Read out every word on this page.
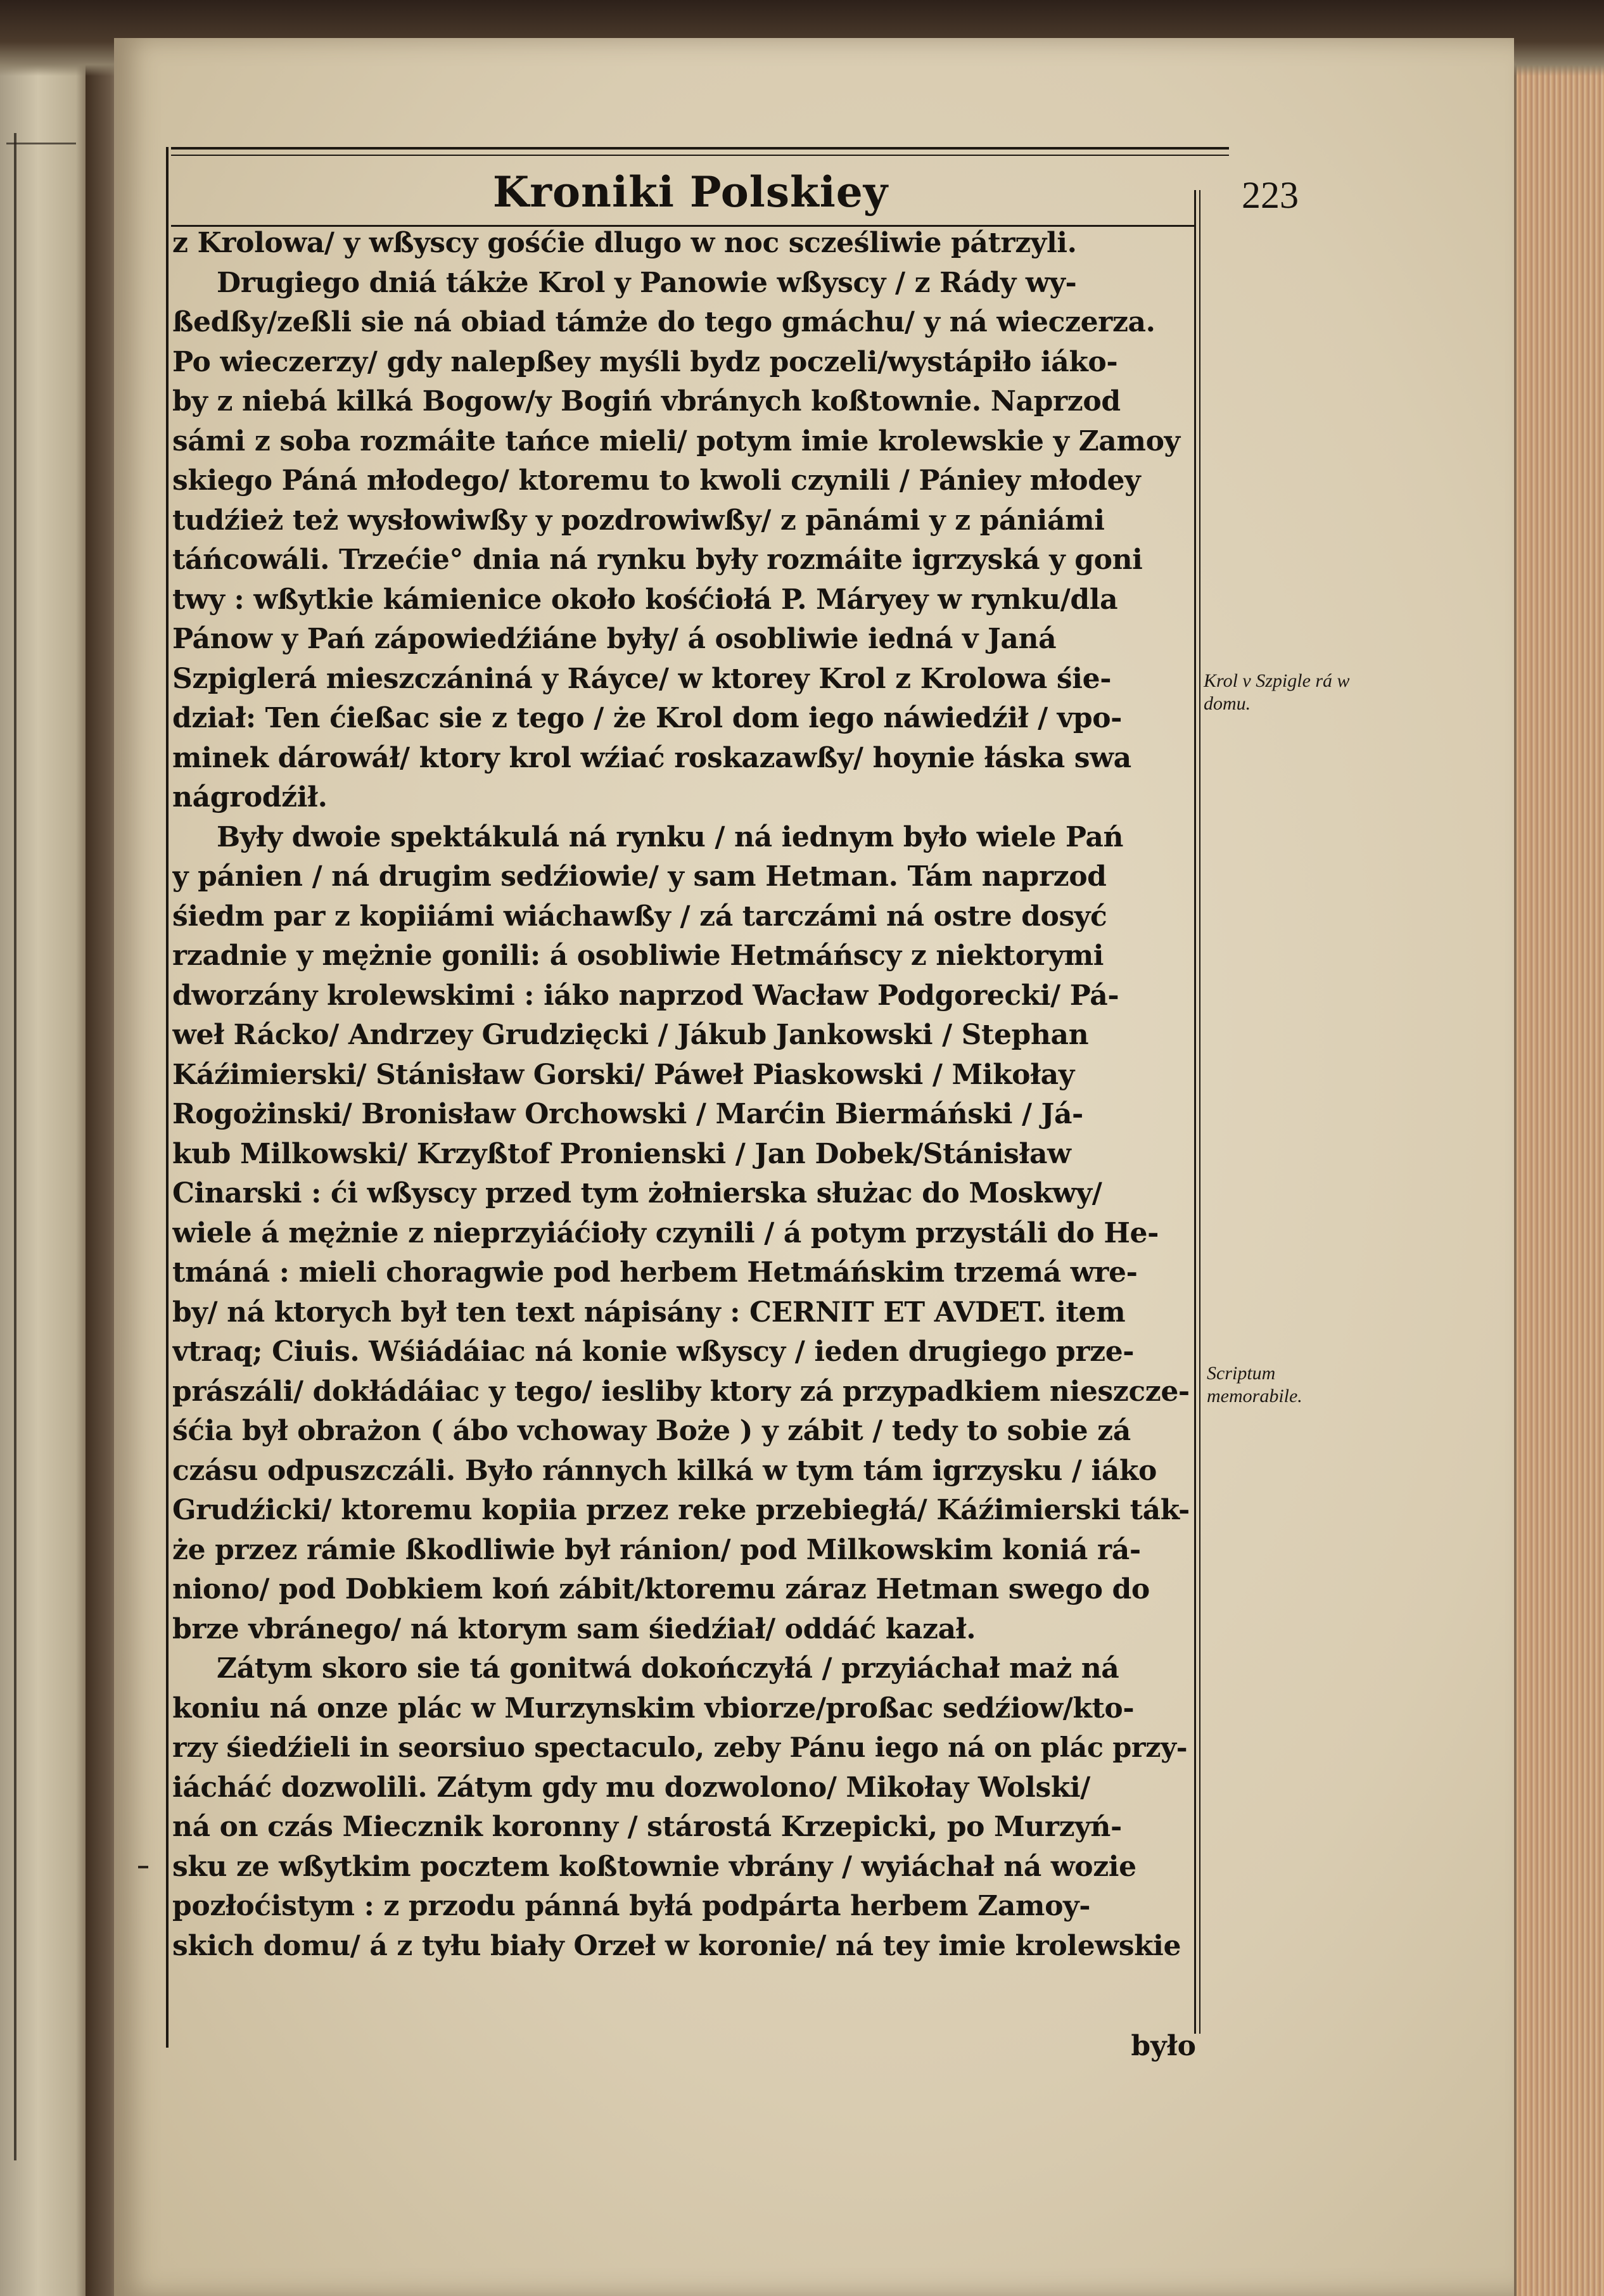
Kroniki Polskiey	223
z Krolowa/ y wßyscy gośćie dlugo w noc scześliwie pátrzyli.
Drugiego dniá tákże Krol y Panowie wßyscy / z Rády wy-
ßedßy/zeßli sie ná obiad támże do tego gmáchu/ y ná wieczerza.
Po wieczerzy/ gdy nalepßey myśli bydz poczeli/wystápiło iáko-
by z niebá kilká Bogow/y Bogiń vbránych koßtownie. Naprzod
sámi z soba rozmáite tańce mieli/ potym imie krolewskie y Zamoy
skiego Páná młodego/ ktoremu to kwoli czynili / Pániey młodey
tudźież też wysłowiwßy y pozdrowiwßy/ z pānámi y z pániámi
táńcowáli. Trzećie° dnia ná rynku były rozmáite igrzyská y goni
twy : wßytkie kámienice około kośćiołá P. Máryey w rynku/dla
Pánow y Pań zápowiedźiáne były/ á osobliwie iedná v Janá
Szpiglerá mieszczániná y Ráyce/ w ktorey Krol z Krolowa śie-
dział: Ten ćießac sie z tego / że Krol dom iego náwiedźił / vpo-
minek dárowáł/ ktory krol wźiać roskazawßy/ hoynie łáska swa
nágrodźił.
Były dwoie spektákulá ná rynku / ná iednym było wiele Pań
y pánien / ná drugim sedźiowie/ y sam Hetman. Tám naprzod
śiedm par z kopiiámi wiáchawßy / zá tarczámi ná ostre dosyć
rzadnie y mężnie gonili: á osobliwie Hetmáńscy z niektorymi
dworzány krolewskimi : iáko naprzod Wacław Podgorecki/ Pá-
weł Rácko/ Andrzey Grudzięcki / Jákub Jankowski / Stephan
Káźimierski/ Stánisław Gorski/ Páweł Piaskowski / Mikołay
Rogożinski/ Bronisław Orchowski / Marćin Biermáński / Já-
kub Milkowski/ Krzyßtof Pronienski / Jan Dobek/Stánisław
Cinarski : ći wßyscy przed tym żołnierska służac do Moskwy/
wiele á mężnie z nieprzyiáćioły czynili / á potym przystáli do He-
tmáná : mieli choragwie pod herbem Hetmáńskim trzemá wre-
by/ ná ktorych był ten text nápisány : CERNIT ET AVDET. item
vtraq; Ciuis. Wśiádáiac ná konie wßyscy / ieden drugiego prze-
prászáli/ dokłádáiac y tego/ iesliby ktory zá przypadkiem nieszcze-
śćia był obrażon ( ábo vchoway Boże ) y zábit / tedy to sobie zá
czásu odpuszczáli. Było ránnych kilká w tym tám igrzysku / iáko
Grudźicki/ ktoremu kopiia przez reke przebiegłá/ Káźimierski ták-
że przez rámie ßkodliwie był ránion/ pod Milkowskim koniá rá-
niono/ pod Dobkiem koń zábit/ktoremu záraz Hetman swego do
brze vbránego/ ná ktorym sam śiedźiał/ oddáć kazał.
Zátym skoro sie tá gonitwá dokończyłá / przyiáchał maż ná
koniu ná onze plác w Murzynskim vbiorze/proßac sedźiow/kto-
rzy śiedźieli in seorsiuo spectaculo, zeby Pánu iego ná on plác przy-
iácháć dozwolili. Zátym gdy mu dozwolono/ Mikołay Wolski/
ná on czás Miecznik koronny / stárostá Krzepicki, po Murzyń-
sku ze wßytkim pocztem koßtownie vbrány / wyiáchał ná wozie
pozłoćistym : z przodu pánná byłá podpárta herbem Zamoy-
skich domu/ á z tyłu biały Orzeł w koronie/ ná tey imie krolewskie
Krol v Szpigle rá w domu.
Scriptum memorabile.
było
